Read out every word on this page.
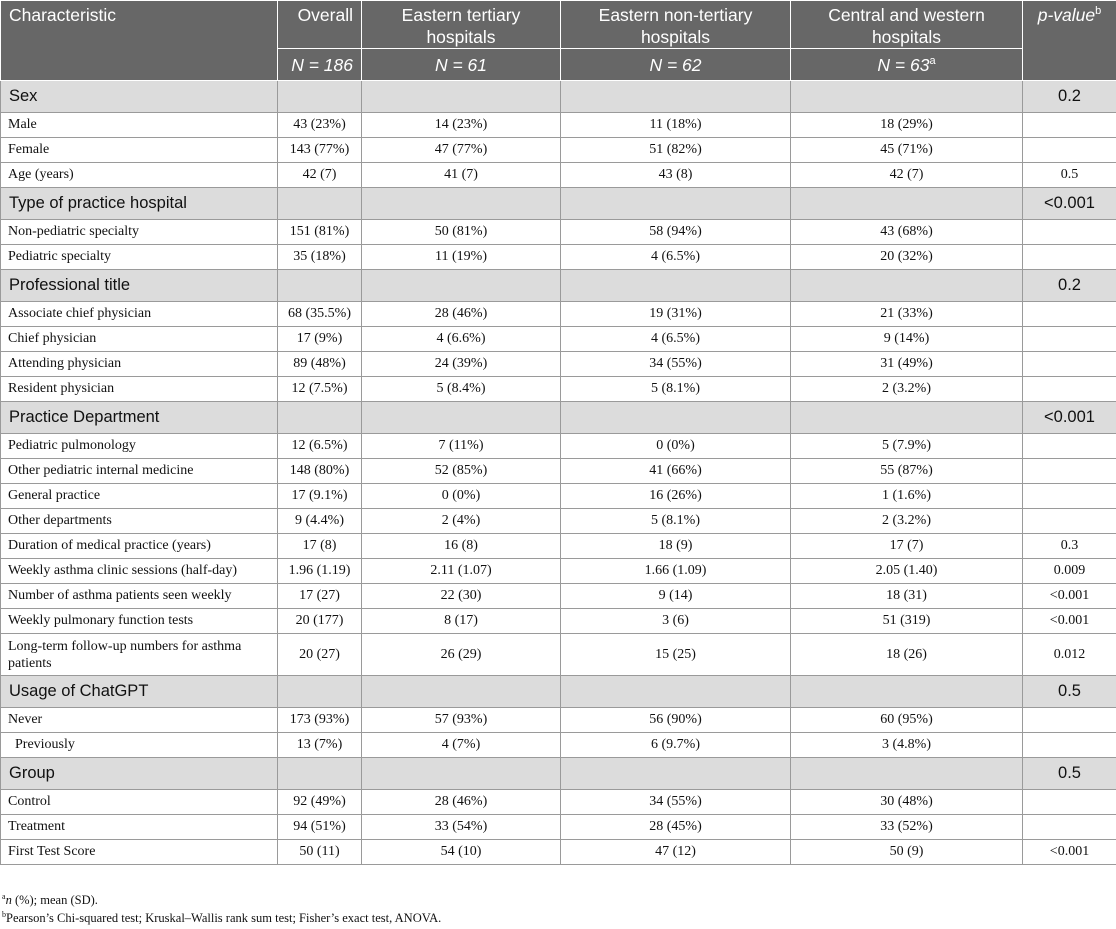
Characteristic	Overall	Eastern tertiary hospitals	Eastern non-tertiary hospitals	Central and western hospitals	p-value$^b$
	N = 186	N = 61	N = 62	$N = 63^a$
Sex					0.2
Male	43 (23%)	14 (23%)	11 (18%)	18 (29%)	
Female	143 (77%)	47 (77%)	51 (82%)	45 (71%)	
Age (years)	42 (7)	41 (7)	43 (8)	42 (7)	0.5
Type of practice hospital					<0.001
Non-pediatric specialty	151 (81%)	50 (81%)	58 (94%)	43 (68%)	
Pediatric specialty	35 (18%)	11 (19%)	4 (6.5%)	20 (32%)	
Professional title					0.2
Associate chief physician	68 (35.5%)	28 (46%)	19 (31%)	21 (33%)	
Chief physician	17 (9%)	4 (6.6%)	4 (6.5%)	9 (14%)	
Attending physician	89 (48%)	24 (39%)	34 (55%)	31 (49%)	
Resident physician	12 (7.5%)	5 (8.4%)	5 (8.1%)	2 (3.2%)	
Practice Department					<0.001
Pediatric pulmonology	12 (6.5%)	7 (11%)	0 (0%)	5 (7.9%)	
Other pediatric internal medicine	148 (80%)	52 (85%)	41 (66%)	55 (87%)	
General practice	17 (9.1%)	0 (0%)	16 (26%)	1 (1.6%)	
Other departments	9 (4.4%)	2 (4%)	5 (8.1%)	2 (3.2%)	
Duration of medical practice (years)	17 (8)	16 (8)	18 (9)	17 (7)	0.3
Weekly asthma clinic sessions (half-day)	1.96 (1.19)	2.11 (1.07)	1.66 (1.09)	2.05 (1.40)	0.009
Number of asthma patients seen weekly	17 (27)	22 (30)	9 (14)	18 (31)	<0.001
Weekly pulmonary function tests	20 (177)	8 (17)	3 (6)	51 (319)	<0.001
Long-term follow-up numbers for asthma patients	20 (27)	26 (29)	15 (25)	18 (26)	0.012
Usage of ChatGPT					0.5
Never	173 (93%)	57 (93%)	56 (90%)	60 (95%)	
Previously	13 (7%)	4 (7%)	6 (9.7%)	3 (4.8%)	
Group					0.5
Control	92 (49%)	28 (46%)	34 (55%)	30 (48%)	
Treatment	94 (51%)	33 (54%)	28 (45%)	33 (52%)	
First Test Score	50 (11)	54 (10)	47 (12)	50 (9)	<0.001
$^a$n (%); mean (SD).
$^b$Pearson’s Chi-squared test; Kruskal–Wallis rank sum test; Fisher’s exact test, ANOVA.
